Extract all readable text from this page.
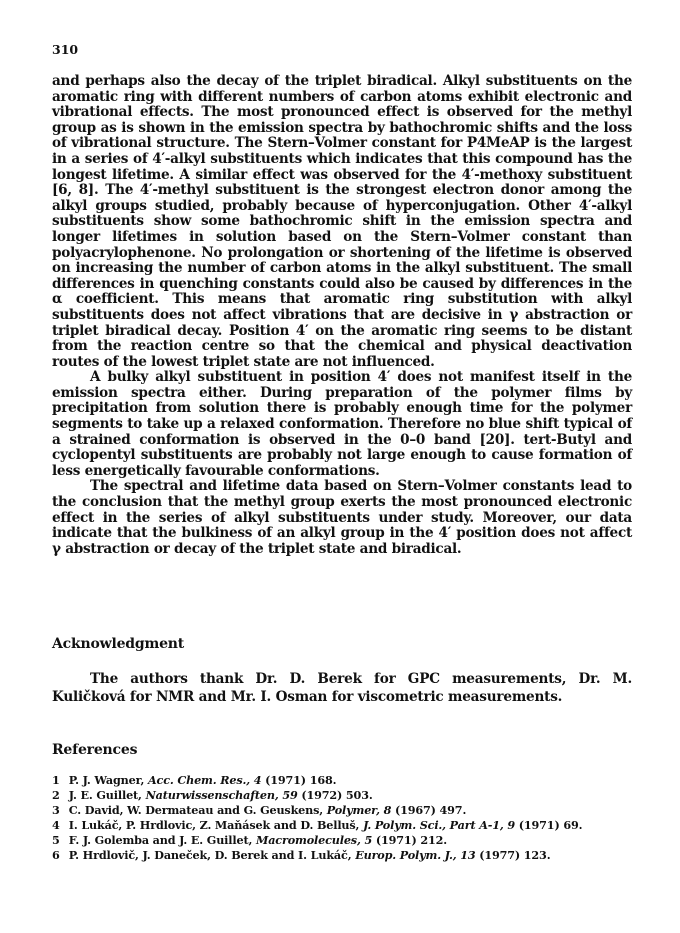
310

and perhaps also the decay of the triplet biradical. Alkyl substituents on the aromatic ring with different numbers of carbon atoms exhibit electronic and vibrational effects. The most pronounced effect is observed for the methyl group as is shown in the emission spectra by bathochromic shifts and the loss of vibrational structure. The Stern–Volmer constant for P4MeAP is the largest in a series of 4′-alkyl substituents which indicates that this compound has the longest lifetime. A similar effect was observed for the 4′-methoxy substituent [6, 8]. The 4′-methyl substituent is the strongest electron donor among the alkyl groups studied, probably because of hyperconjugation. Other 4′-alkyl substituents show some bathochromic shift in the emission spectra and longer lifetimes in solution based on the Stern–Volmer constant than polyacrylophenone. No prolongation or shortening of the lifetime is observed on increasing the number of carbon atoms in the alkyl substituent. The small differences in quenching constants could also be caused by differences in the α coefficient. This means that aromatic ring substitution with alkyl substituents does not affect vibrations that are decisive in γ abstraction or triplet biradical decay. Position 4′ on the aromatic ring seems to be distant from the reaction centre so that the chemical and physical deactivation routes of the lowest triplet state are not influenced.

A bulky alkyl substituent in position 4′ does not manifest itself in the emission spectra either. During preparation of the polymer films by precipitation from solution there is probably enough time for the polymer segments to take up a relaxed conformation. Therefore no blue shift typical of a strained conformation is observed in the 0–0 band [20]. tert-Butyl and cyclopentyl substituents are probably not large enough to cause formation of less energetically favourable conformations.

The spectral and lifetime data based on Stern–Volmer constants lead to the conclusion that the methyl group exerts the most pronounced electronic effect in the series of alkyl substituents under study. Moreover, our data indicate that the bulkiness of an alkyl group in the 4′ position does not affect γ abstraction or decay of the triplet state and biradical.

Acknowledgment

The authors thank Dr. D. Berek for GPC measurements, Dr. M. Kuličková for NMR and Mr. I. Osman for viscometric measurements.

References
1 P. J. Wagner, Acc. Chem. Res., 4 (1971) 168.
2 J. E. Guillet, Naturwissenschaften, 59 (1972) 503.
3 C. David, W. Dermateau and G. Geuskens, Polymer, 8 (1967) 497.
4 I. Lukáč, P. Hrdlovic, Z. Maňásek and D. Belluš, J. Polym. Sci., Part A-1, 9 (1971) 69.
5 F. J. Golemba and J. E. Guillet, Macromolecules, 5 (1971) 212.
6 P. Hrdlovič, J. Daneček, D. Berek and I. Lukáč, Europ. Polym. J., 13 (1977) 123.
